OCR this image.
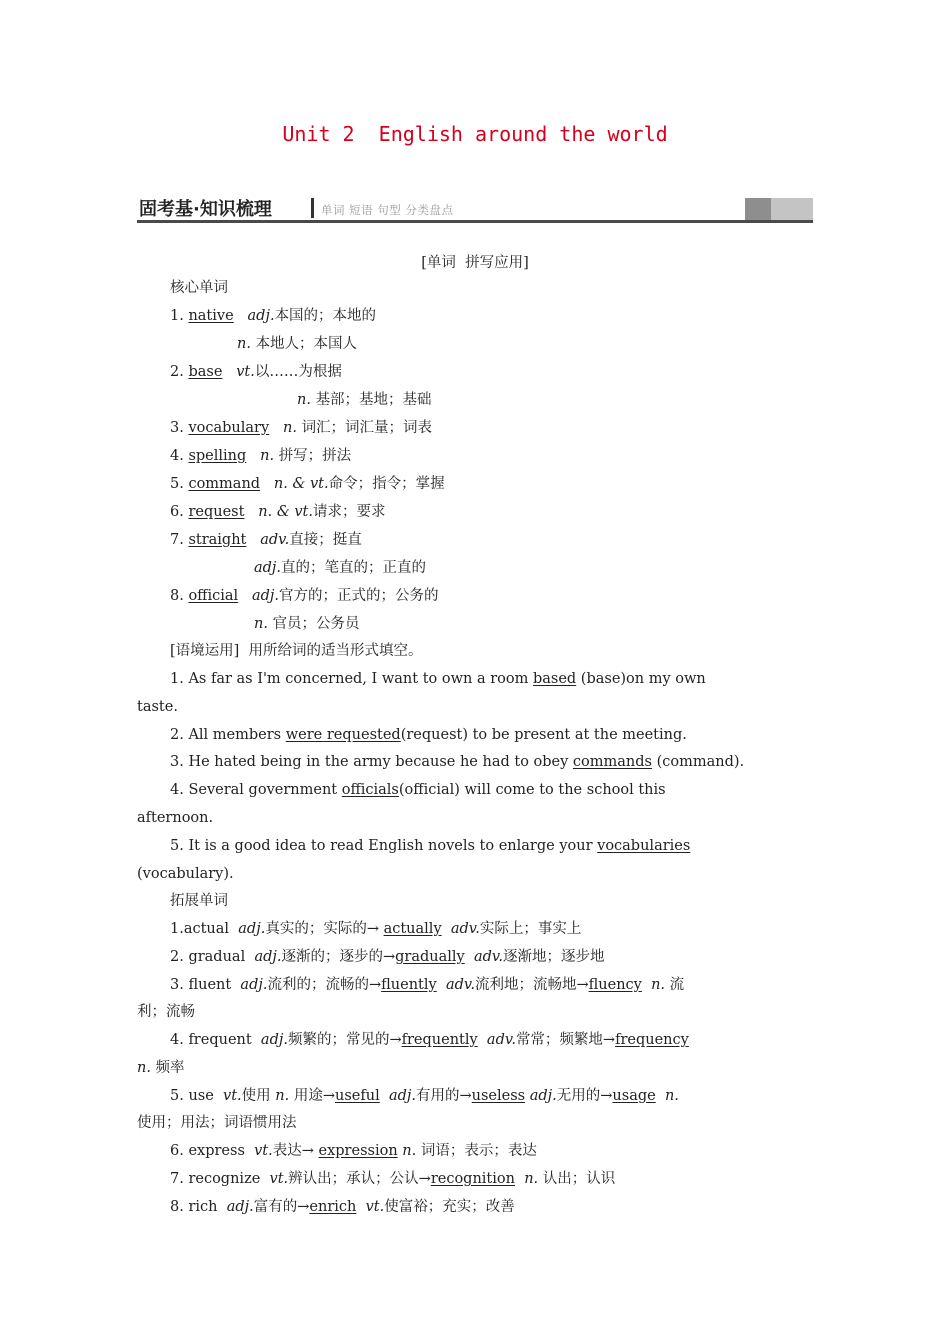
Unit 2  English around the world
固考基·知识梳理	单词 短语 句型 分类盘点
[单词  拼写应用]
核心单词
1. native adj.本国的；本地的
n. 本地人；本国人
2. base vt.以……为根据
n. 基部；基地；基础
3. vocabulary n. 词汇；词汇量；词表
4. spelling n. 拼写；拼法
5. command n. & vt.命令；指令；掌握
6. request n. & vt.请求；要求
7. straight adv.直接；挺直
adj.直的；笔直的；正直的
8. official adj.官方的；正式的；公务的
n. 官员；公务员
[语境运用]  用所给词的适当形式填空。
1. As far as I'm concerned, I want to own a room based (base)on my own
taste.
2. All members were requested(request) to be present at the meeting.
3. He hated being in the army because he had to obey commands (command).
4. Several government officials(official) will come to the school this
afternoon.
5. It is a good idea to read English novels to enlarge your vocabularies
(vocabulary).
拓展单词
1.actual  adj.真实的；实际的→ actually adv.实际上；事实上
2. gradual  adj.逐渐的；逐步的→gradually adv.逐渐地；逐步地
3. fluent  adj.流利的；流畅的→fluently adv.流利地；流畅地→fluency n. 流
利；流畅
4. frequent  adj.频繁的；常见的→frequently adv.常常；频繁地→frequency
n. 频率
5. use  vt.使用 n. 用途→useful adj.有用的→useless adj.无用的→usage n.
使用；用法；词语惯用法
6. express  vt.表达→ expression n. 词语；表示；表达
7. recognize  vt.辨认出；承认；公认→recognition n. 认出；认识
8. rich  adj.富有的→enrich vt.使富裕；充实；改善
